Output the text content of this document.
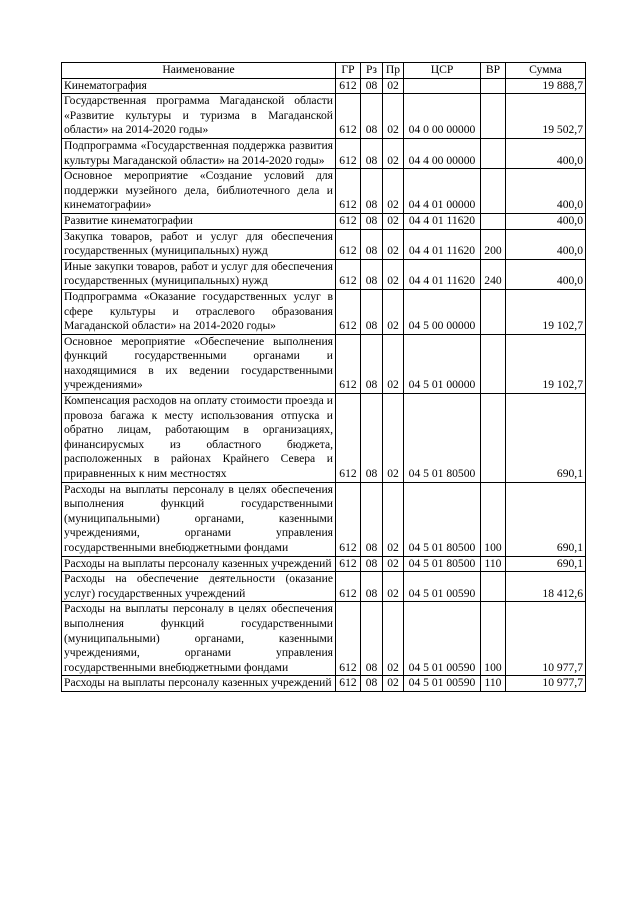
Наименование	ГР	Рз	Пр	ЦСР	ВР	Сумма
Кинематография	612	08	02			19 888,7
Государственная программа Магаданской области «Развитие культуры и туризма в Магаданской области» на 2014-2020 годы»	612	08	02	04 0 00 00000		19 502,7
Подпрограмма «Государственная поддержка развития культуры Магаданской области» на 2014-2020 годы»	612	08	02	04 4 00 00000		400,0
Основное мероприятие «Создание условий для поддержки музейного дела, библиотечного дела и кинематографии»	612	08	02	04 4 01 00000		400,0
Развитие кинематографии	612	08	02	04 4 01 11620		400,0
Закупка товаров, работ и услуг для обеспечения государственных (муниципальных) нужд	612	08	02	04 4 01 11620	200	400,0
Иные закупки товаров, работ и услуг для обеспечения государственных (муниципальных) нужд	612	08	02	04 4 01 11620	240	400,0
Подпрограмма «Оказание государственных услуг в сфере культуры и отраслевого образования Магаданской области» на 2014-2020 годы»	612	08	02	04 5 00 00000		19 102,7
Основное мероприятие «Обеспечение выполнения функций государственными органами и находящимися в их ведении государственными учреждениями»	612	08	02	04 5 01 00000		19 102,7
Компенсация расходов на оплату стоимости проезда и провоза багажа к месту использования отпуска и обратно лицам, работающим в организациях, финансирусмых из областного бюджета, расположенных в районах Крайнего Севера и приравненных к ним местностях	612	08	02	04 5 01 80500		690,1
Расходы на выплаты персоналу в целях обеспечения выполнения функций государственными (муниципальными) органами, казенными учреждениями, органами управления государственными внебюджетными фондами	612	08	02	04 5 01 80500	100	690,1
Расходы на выплаты персоналу казенных учреждений	612	08	02	04 5 01 80500	110	690,1
Расходы на обеспечение деятельности (оказание услуг) государственных учреждений	612	08	02	04 5 01 00590		18 412,6
Расходы на выплаты персоналу в целях обеспечения выполнения функций государственными (муниципальными) органами, казенными учреждениями, органами управления государственными внебюджетными фондами	612	08	02	04 5 01 00590	100	10 977,7
Расходы на выплаты персоналу казенных учреждений	612	08	02	04 5 01 00590	110	10 977,7
